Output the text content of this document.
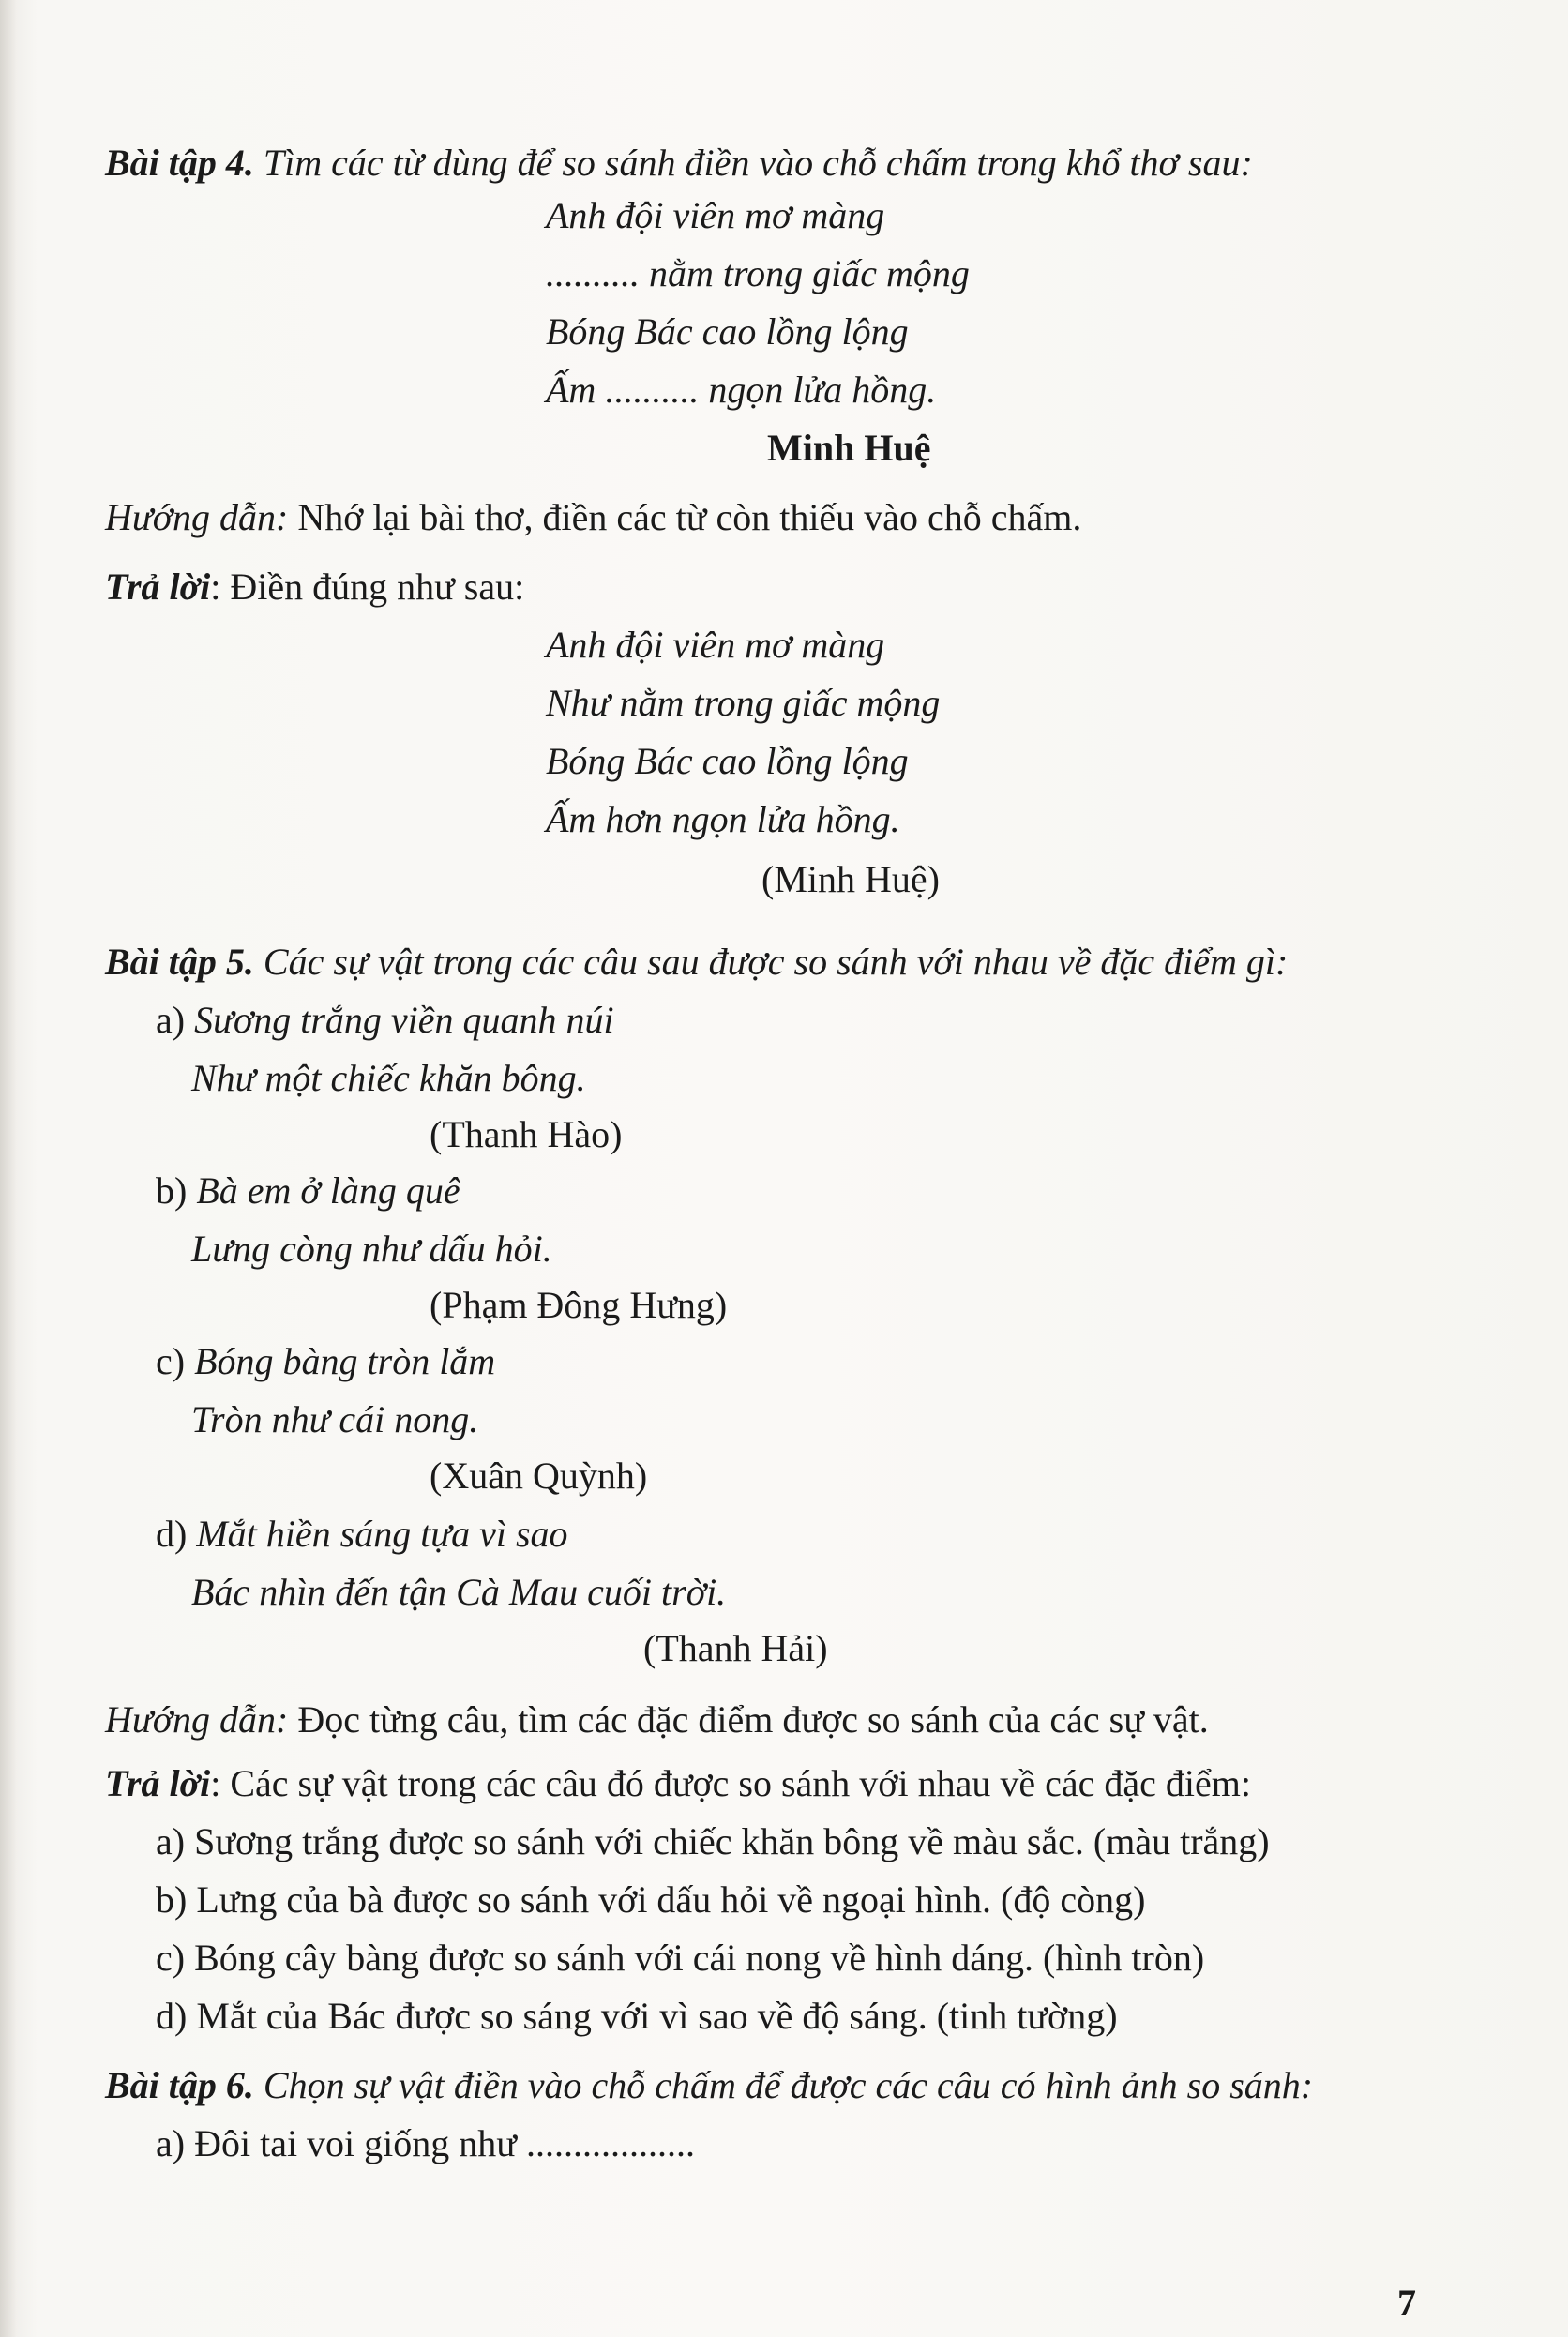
Bài tập 4. Tìm các từ dùng để so sánh điền vào chỗ chấm trong khổ thơ sau:
Anh đội viên mơ màng
.......... nằm trong giấc mộng
Bóng Bác cao lồng lộng
Ấm .......... ngọn lửa hồng.
Minh Huệ
Hướng dẫn: Nhớ lại bài thơ, điền các từ còn thiếu vào chỗ chấm.
Trả lời: Điền đúng như sau:
Anh đội viên mơ màng
Như nằm trong giấc mộng
Bóng Bác cao lồng lộng
Ấm hơn ngọn lửa hồng.
(Minh Huệ)
Bài tập 5. Các sự vật trong các câu sau được so sánh với nhau về đặc điểm gì:
a) Sương trắng viền quanh núi
Như một chiếc khăn bông.
(Thanh Hào)
b) Bà em ở làng quê
Lưng còng như dấu hỏi.
(Phạm Đông Hưng)
c) Bóng bàng tròn lắm
Tròn như cái nong.
(Xuân Quỳnh)
d) Mắt hiền sáng tựa vì sao
Bác nhìn đến tận Cà Mau cuối trời.
(Thanh Hải)
Hướng dẫn: Đọc từng câu, tìm các đặc điểm được so sánh của các sự vật.
Trả lời: Các sự vật trong các câu đó được so sánh với nhau về các đặc điểm:
a) Sương trắng được so sánh với chiếc khăn bông về màu sắc. (màu trắng)
b) Lưng của bà được so sánh với dấu hỏi về ngoại hình. (độ còng)
c) Bóng cây bàng được so sánh với cái nong về hình dáng. (hình tròn)
d) Mắt của Bác được so sáng với vì sao về độ sáng. (tinh tường)
Bài tập 6. Chọn sự vật điền vào chỗ chấm để được các câu có hình ảnh so sánh:
a) Đôi tai voi giống như ..................
7
